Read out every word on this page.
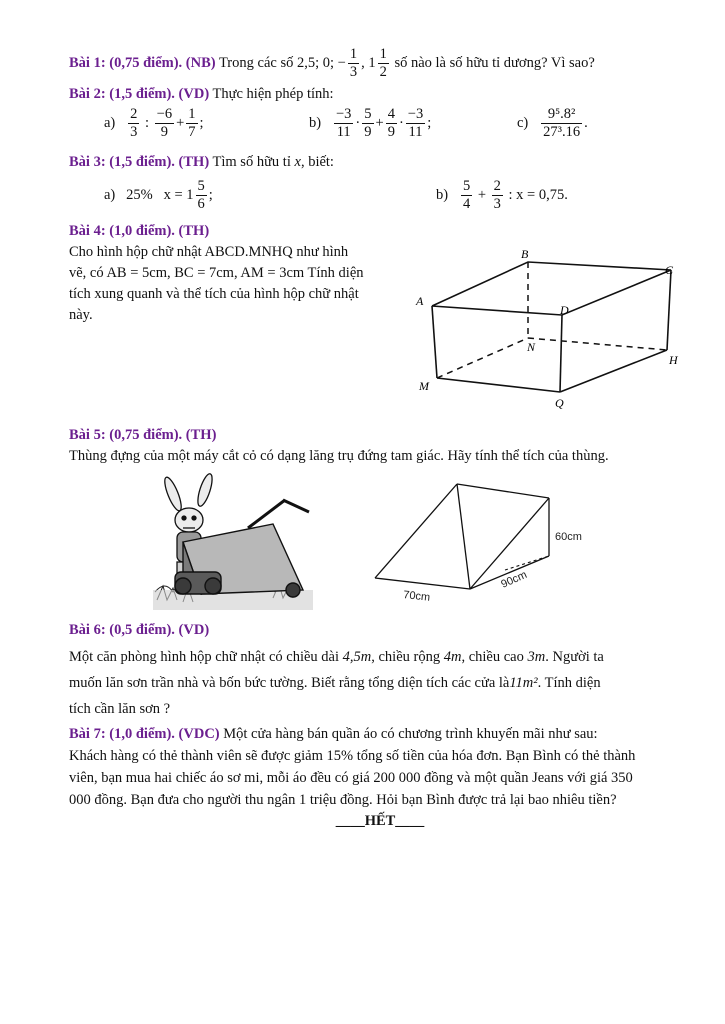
Bài 1: (0,75 điểm). (NB) Trong các số 2,5; 0; − $\frac{1}{3}$ , $1 \frac{1}{2}$ số nào là số hữu tỉ dương? Vì sao?
Bài 2: (1,5 điểm). (VD) Thực hiện phép tính:
$a) \frac{2}{3}$ : $\frac{-6}{9} + \frac{1}{7}$ ;	$b) \frac{-3}{11} \cdot \frac{5}{9} + \frac{4}{9} \cdot \frac{-3}{11}$ ;	$c) \frac{\text{9⁵.8²}}{\text{27³.16}}$ .
Bài 3: (1,5 điểm). (TH) Tìm số hữu tỉ x, biết:
a) 25%   $x = 1 \frac{5}{6}$ ;	$b) \frac{5}{4} + \frac{2}{3}$ : x = 0,75.
Bài 4: (1,0 điểm). (TH)
Cho hình hộp chữ nhật ABCD.MNHQ như hình
vẽ, có AB = 5cm, BC = 7cm, AM = 3cm Tính diện
tích xung quanh và thể tích của hình hộp chữ nhật
này.
B
C
A
D
N
H
M
Q
Bài 5: (0,75 điểm). (TH)
Thùng đựng của một máy cắt cỏ có dạng lăng trụ đứng tam giác. Hãy tính thể tích của thùng.
60cm
70cm
90cm
Bài 6: (0,5 điểm). (VD)
Một căn phòng hình hộp chữ nhật có chiều dài 4,5m, chiều rộng 4m, chiều cao 3m. Người ta
muốn lăn sơn trần nhà và bốn bức tường. Biết rằng tổng diện tích các cửa là11m². Tính diện
tích cần lăn sơn ?
Bài 7: (1,0 điểm). (VDC) Một cửa hàng bán quần áo có chương trình khuyến mãi như sau:
Khách hàng có thẻ thành viên sẽ được giảm 15% tổng số tiền của hóa đơn. Bạn Bình có thẻ thành
viên, bạn mua hai chiếc áo sơ mi, mỗi áo đều có giá 200 000 đồng và một quần Jeans với giá 350
000 đồng. Bạn đưa cho người thu ngân 1 triệu đồng. Hỏi bạn Bình được trả lại bao nhiêu tiền?
____HẾT____
